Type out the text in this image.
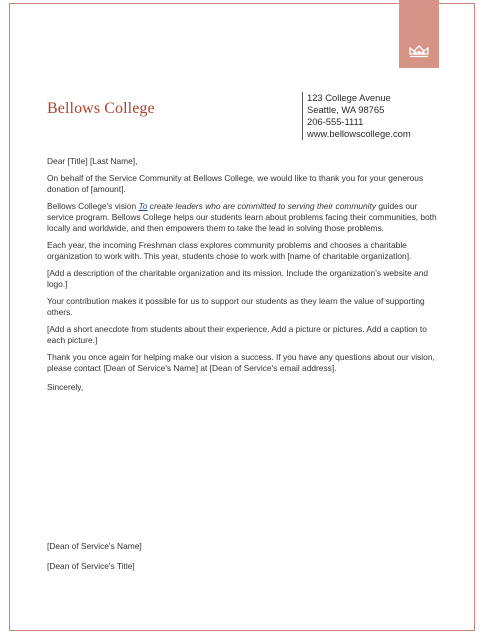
Bellows College
123 College Avenue
Seattle, WA 98765
206-555-1111
www.bellowscollege.com

Dear [Title] [Last Name],

On behalf of the Service Community at Bellows College, we would like to thank you for your generous donation of [amount].

Bellows College's vision To create leaders who are committed to serving their community guides our service program. Bellows College helps our students learn about problems facing their communities, both locally and worldwide, and then empowers them to take the lead in solving those problems.

Each year, the incoming Freshman class explores community problems and chooses a charitable organization to work with. This year, students chose to work with [name of charitable organization].

[Add a description of the charitable organization and its mission. Include the organization's website and logo.]

Your contribution makes it possible for us to support our students as they learn the value of supporting others.

[Add a short anecdote from students about their experience. Add a picture or pictures. Add a caption to each picture.]

Thank you once again for helping make our vision a success. If you have any questions about our vision, please contact [Dean of Service's Name] at [Dean of Service's email address].

Sincerely,

[Dean of Service's Name]
[Dean of Service's Title]
